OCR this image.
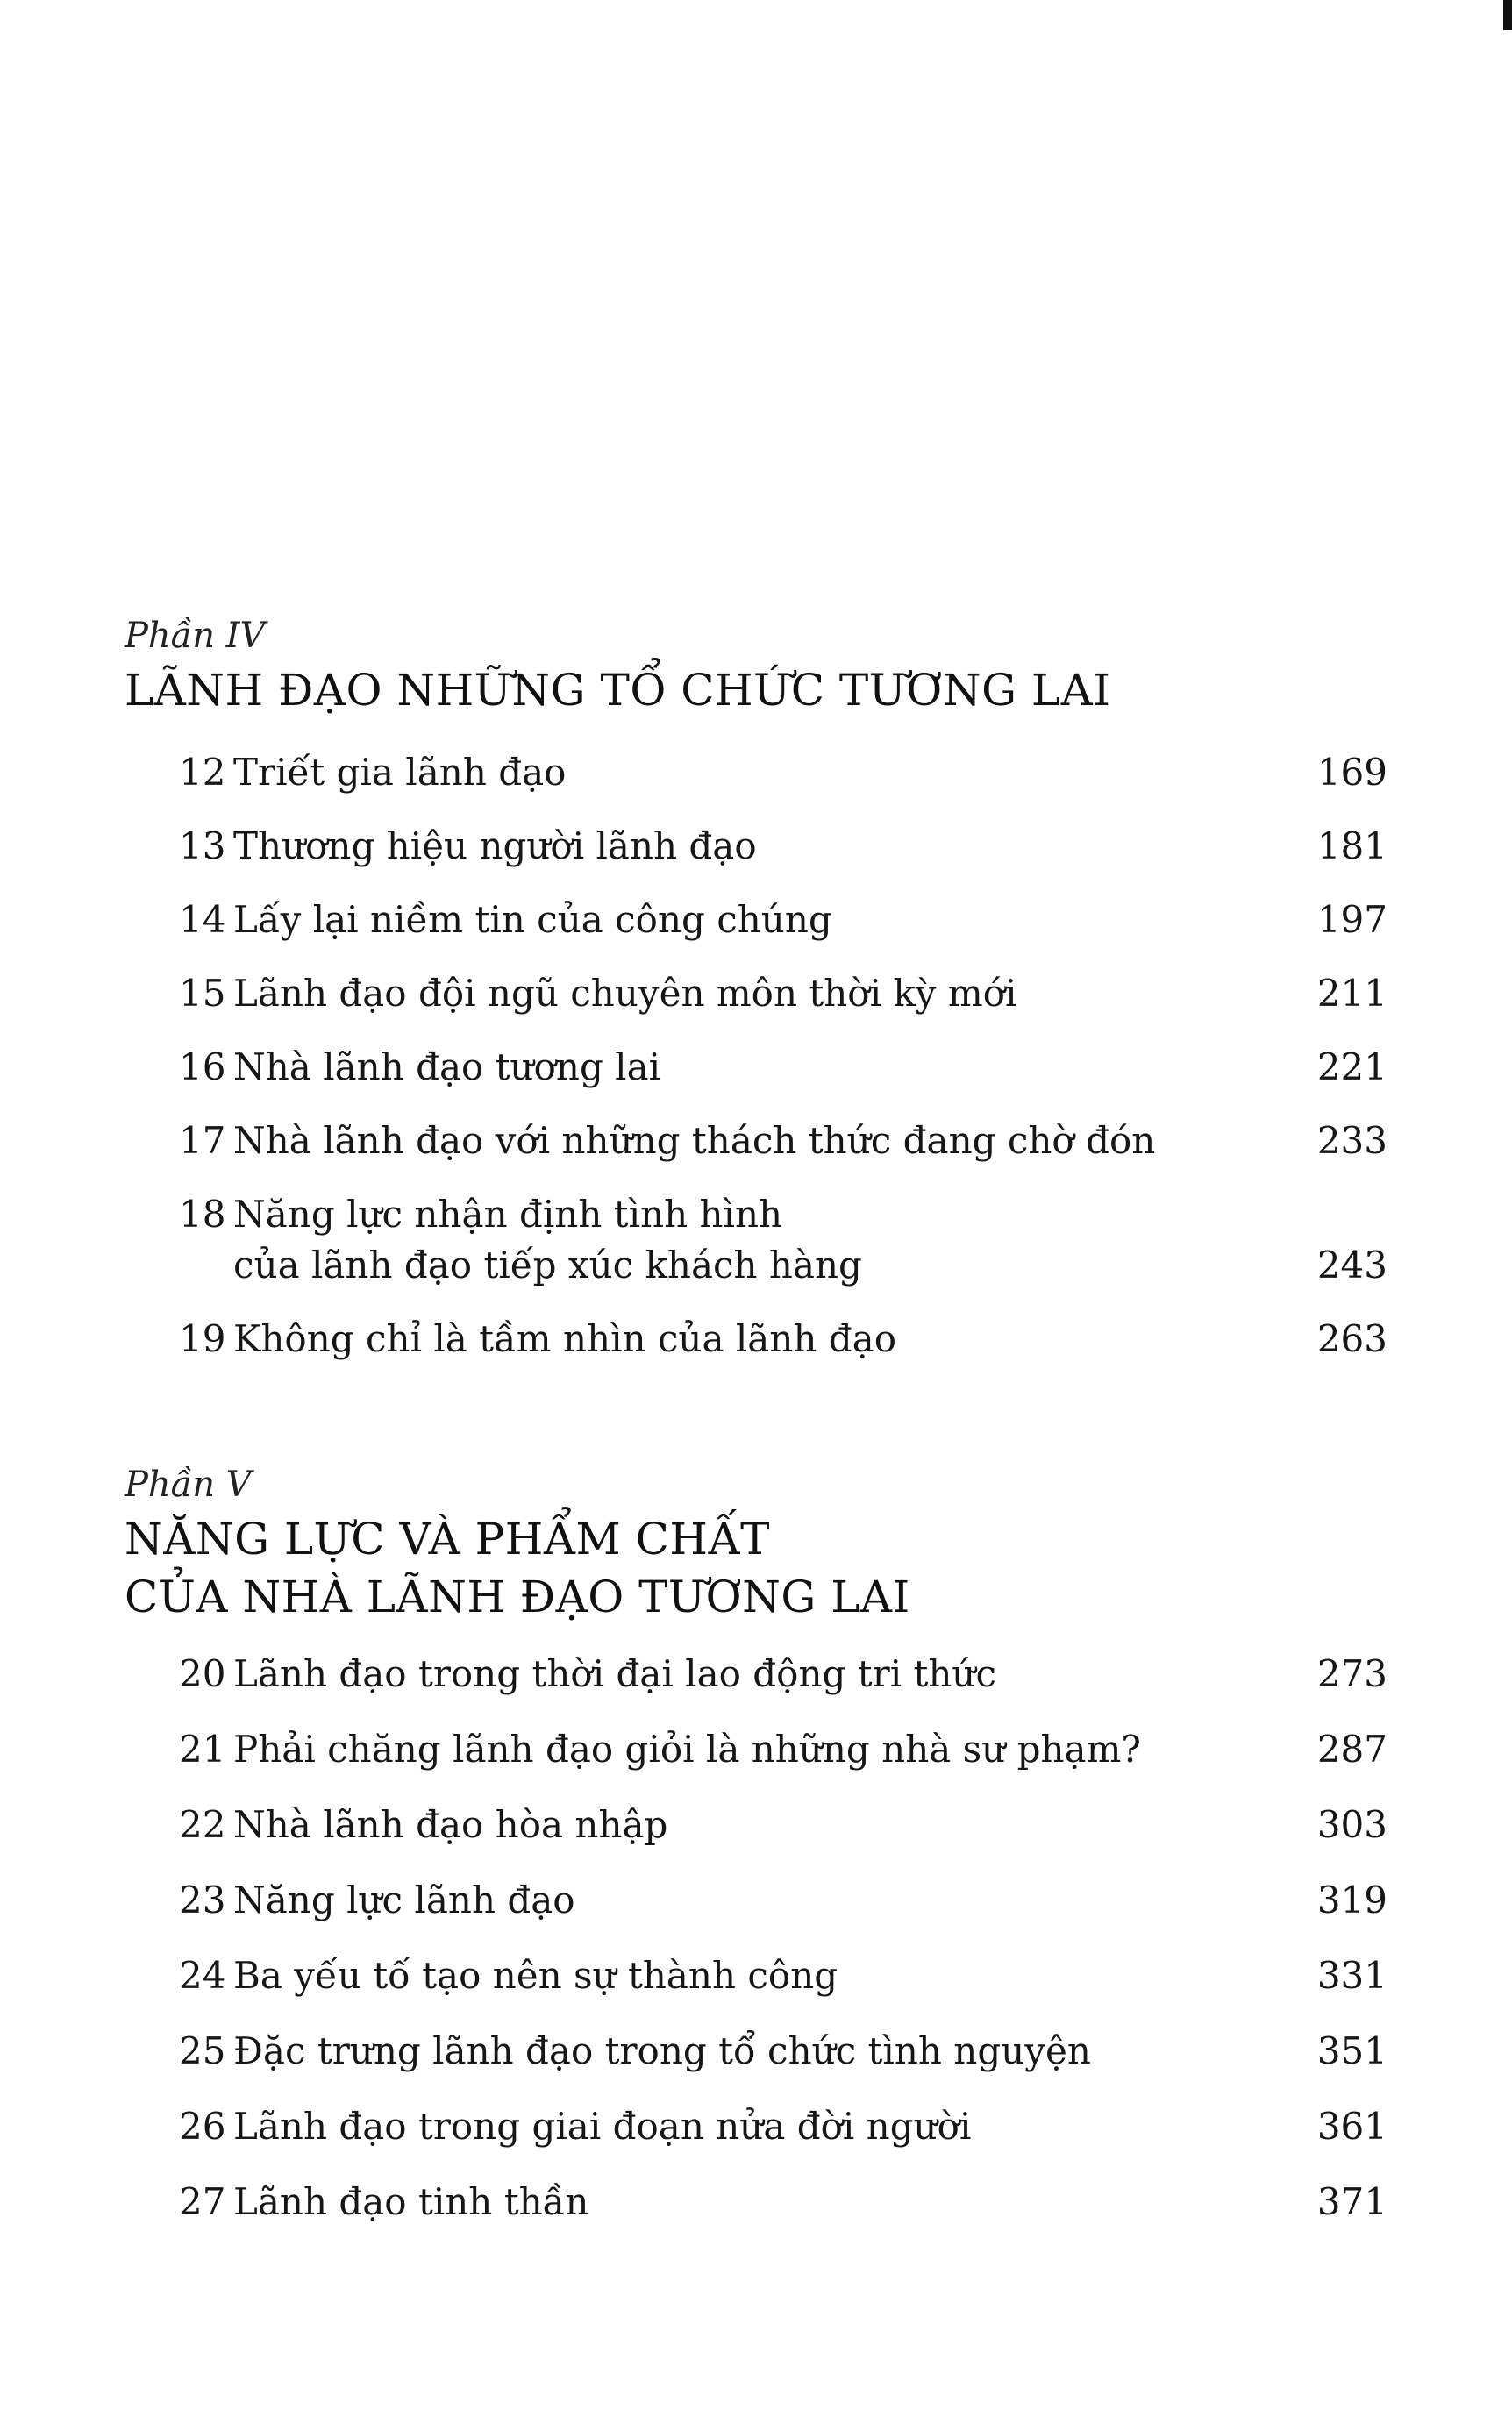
Phần IV

LÃNH ĐẠO NHỮNG TỔ CHỨC TƯƠNG LAI
12 Triết gia lãnh đạo	169
13 Thương hiệu người lãnh đạo	181
14 Lấy lại niềm tin của công chúng	197
15 Lãnh đạo đội ngũ chuyên môn thời kỳ mới	211
16 Nhà lãnh đạo tương lai	221
17 Nhà lãnh đạo với những thách thức đang chờ đón	233
18 Năng lực nhận định tình hình
của lãnh đạo tiếp xúc khách hàng	243
19 Không chỉ là tầm nhìn của lãnh đạo	263

Phần V

NĂNG LỰC VÀ PHẨM CHẤT
CỦA NHÀ LÃNH ĐẠO TƯƠNG LAI
20 Lãnh đạo trong thời đại lao động tri thức	273
21 Phải chăng lãnh đạo giỏi là những nhà sư phạm?	287
22 Nhà lãnh đạo hòa nhập	303
23 Năng lực lãnh đạo	319
24 Ba yếu tố tạo nên sự thành công	331
25 Đặc trưng lãnh đạo trong tổ chức tình nguyện	351
26 Lãnh đạo trong giai đoạn nửa đời người	361
27 Lãnh đạo tinh thần	371
